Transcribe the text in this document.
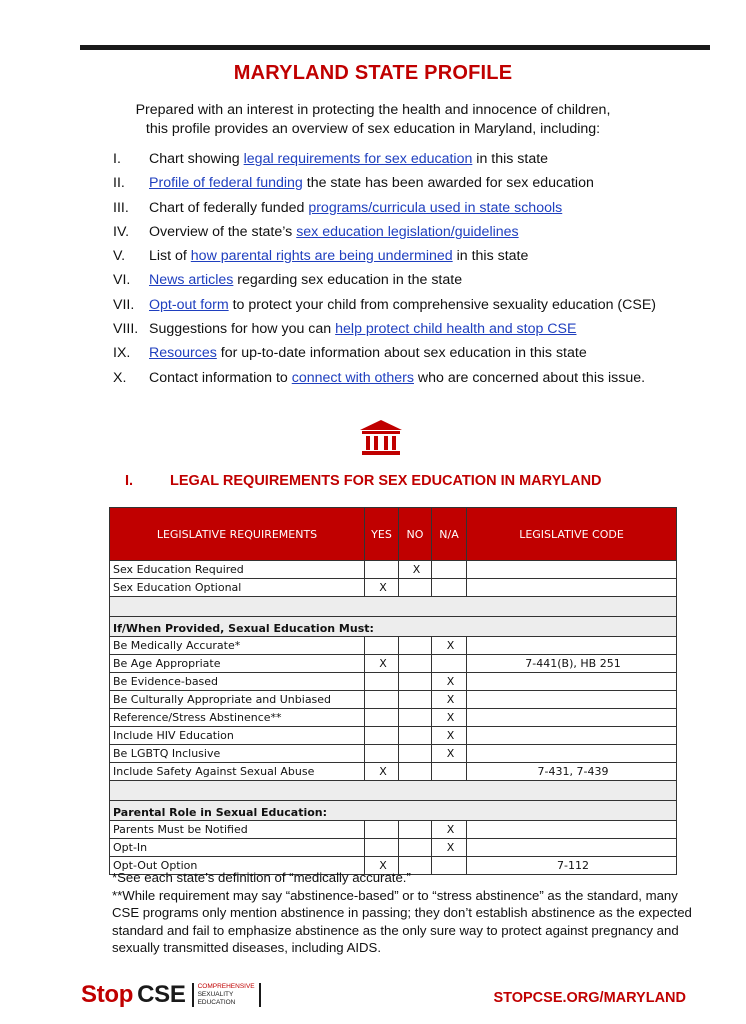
MARYLAND STATE PROFILE
Prepared with an interest in protecting the health and innocence of children,
this profile provides an overview of sex education in Maryland, including:
I.	Chart showing legal requirements for sex education in this state
II.	Profile of federal funding the state has been awarded for sex education
III.	Chart of federally funded programs/curricula used in state schools
IV.	Overview of the state’s sex education legislation/guidelines
V.	List of how parental rights are being undermined in this state
VI.	News articles regarding sex education in the state
VII.	Opt-out form to protect your child from comprehensive sexuality education (CSE)
VIII. Suggestions for how you can help protect child health and stop CSE
IX.	Resources for up-to-date information about sex education in this state
X.	Contact information to connect with others who are concerned about this issue.
I.	LEGAL REQUIREMENTS FOR SEX EDUCATION IN MARYLAND
LEGISLATIVE REQUIREMENTS	YES	NO	N/A	LEGISLATIVE CODE
Sex Education Required		X		
Sex Education Optional	X			

If/When Provided, Sexual Education Must:				
Be Medically Accurate*			X	
Be Age Appropriate	X			7-441(B), HB 251
Be Evidence-based			X	
Be Culturally Appropriate and Unbiased			X	
Reference/Stress Abstinence**			X	
Include HIV Education			X	
Be LGBTQ Inclusive			X	
Include Safety Against Sexual Abuse	X			7-431, 7-439

Parental Role in Sexual Education:				
Parents Must be Notified			X	
Opt-In			X	
Opt-Out Option	X			7-112

*See each state’s definition of “medically accurate.”

**While requirement may say “abstinence-based” or to “stress abstinence” as the standard, many CSE programs only mention abstinence in passing; they don’t establish abstinence as the expected standard and fail to emphasize abstinence as the only sure way to protect against pregnancy and sexually transmitted diseases, including AIDS.

Stop CSE COMPREHENSIVE
SEXUALITY
EDUCATION	STOPCSE.ORG/MARYLAND
